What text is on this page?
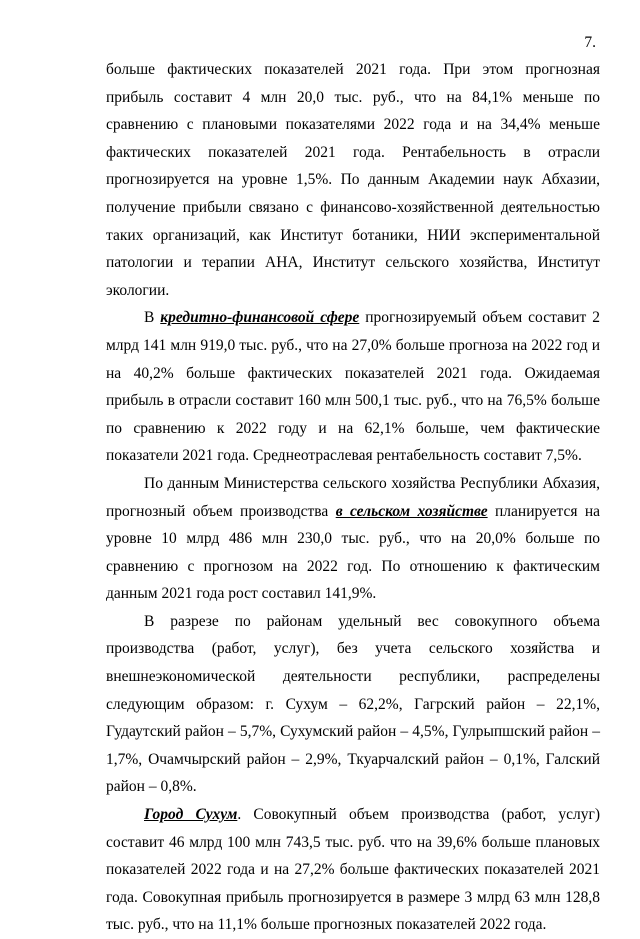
7.

больше фактических показателей 2021 года. При этом прогнозная прибыль составит 4 млн 20,0 тыс. руб., что на 84,1% меньше по сравнению с плановыми показателями 2022 года и на 34,4% меньше фактических показателей 2021 года. Рентабельность в отрасли прогнозируется на уровне 1,5%. По данным Академии наук Абхазии, получение прибыли связано с финансово-хозяйственной деятельностью таких организаций, как Институт ботаники, НИИ экспериментальной патологии и терапии АНА, Институт сельского хозяйства, Институт экологии.

В кредитно-финансовой сфере прогнозируемый объем составит 2 млрд 141 млн 919,0 тыс. руб., что на 27,0% больше прогноза на 2022 год и на 40,2% больше фактических показателей 2021 года. Ожидаемая прибыль в отрасли составит 160 млн 500,1 тыс. руб., что на 76,5% больше по сравнению к 2022 году и на 62,1% больше, чем фактические показатели 2021 года. Среднеотраслевая рентабельность составит 7,5%.

По данным Министерства сельского хозяйства Республики Абхазия, прогнозный объем производства в сельском хозяйстве планируется на уровне 10 млрд 486 млн 230,0 тыс. руб., что на 20,0% больше по сравнению с прогнозом на 2022 год. По отношению к фактическим данным 2021 года рост составил 141,9%.

В разрезе по районам удельный вес совокупного объема производства (работ, услуг), без учета сельского хозяйства и внешнеэкономической деятельности республики, распределены следующим образом: г. Сухум – 62,2%, Гагрский район – 22,1%, Гудаутский район – 5,7%, Сухумский район – 4,5%, Гулрыпшский район – 1,7%, Очамчырский район – 2,9%, Ткуарчалский район – 0,1%, Галский район – 0,8%.

Город Сухум. Совокупный объем производства (работ, услуг) составит 46 млрд 100 млн 743,5 тыс. руб. что на 39,6% больше плановых показателей 2022 года и на 27,2% больше фактических показателей 2021 года. Совокупная прибыль прогнозируется в размере 3 млрд 63 млн 128,8 тыс. руб., что на 11,1% больше прогнозных показателей 2022 года.
